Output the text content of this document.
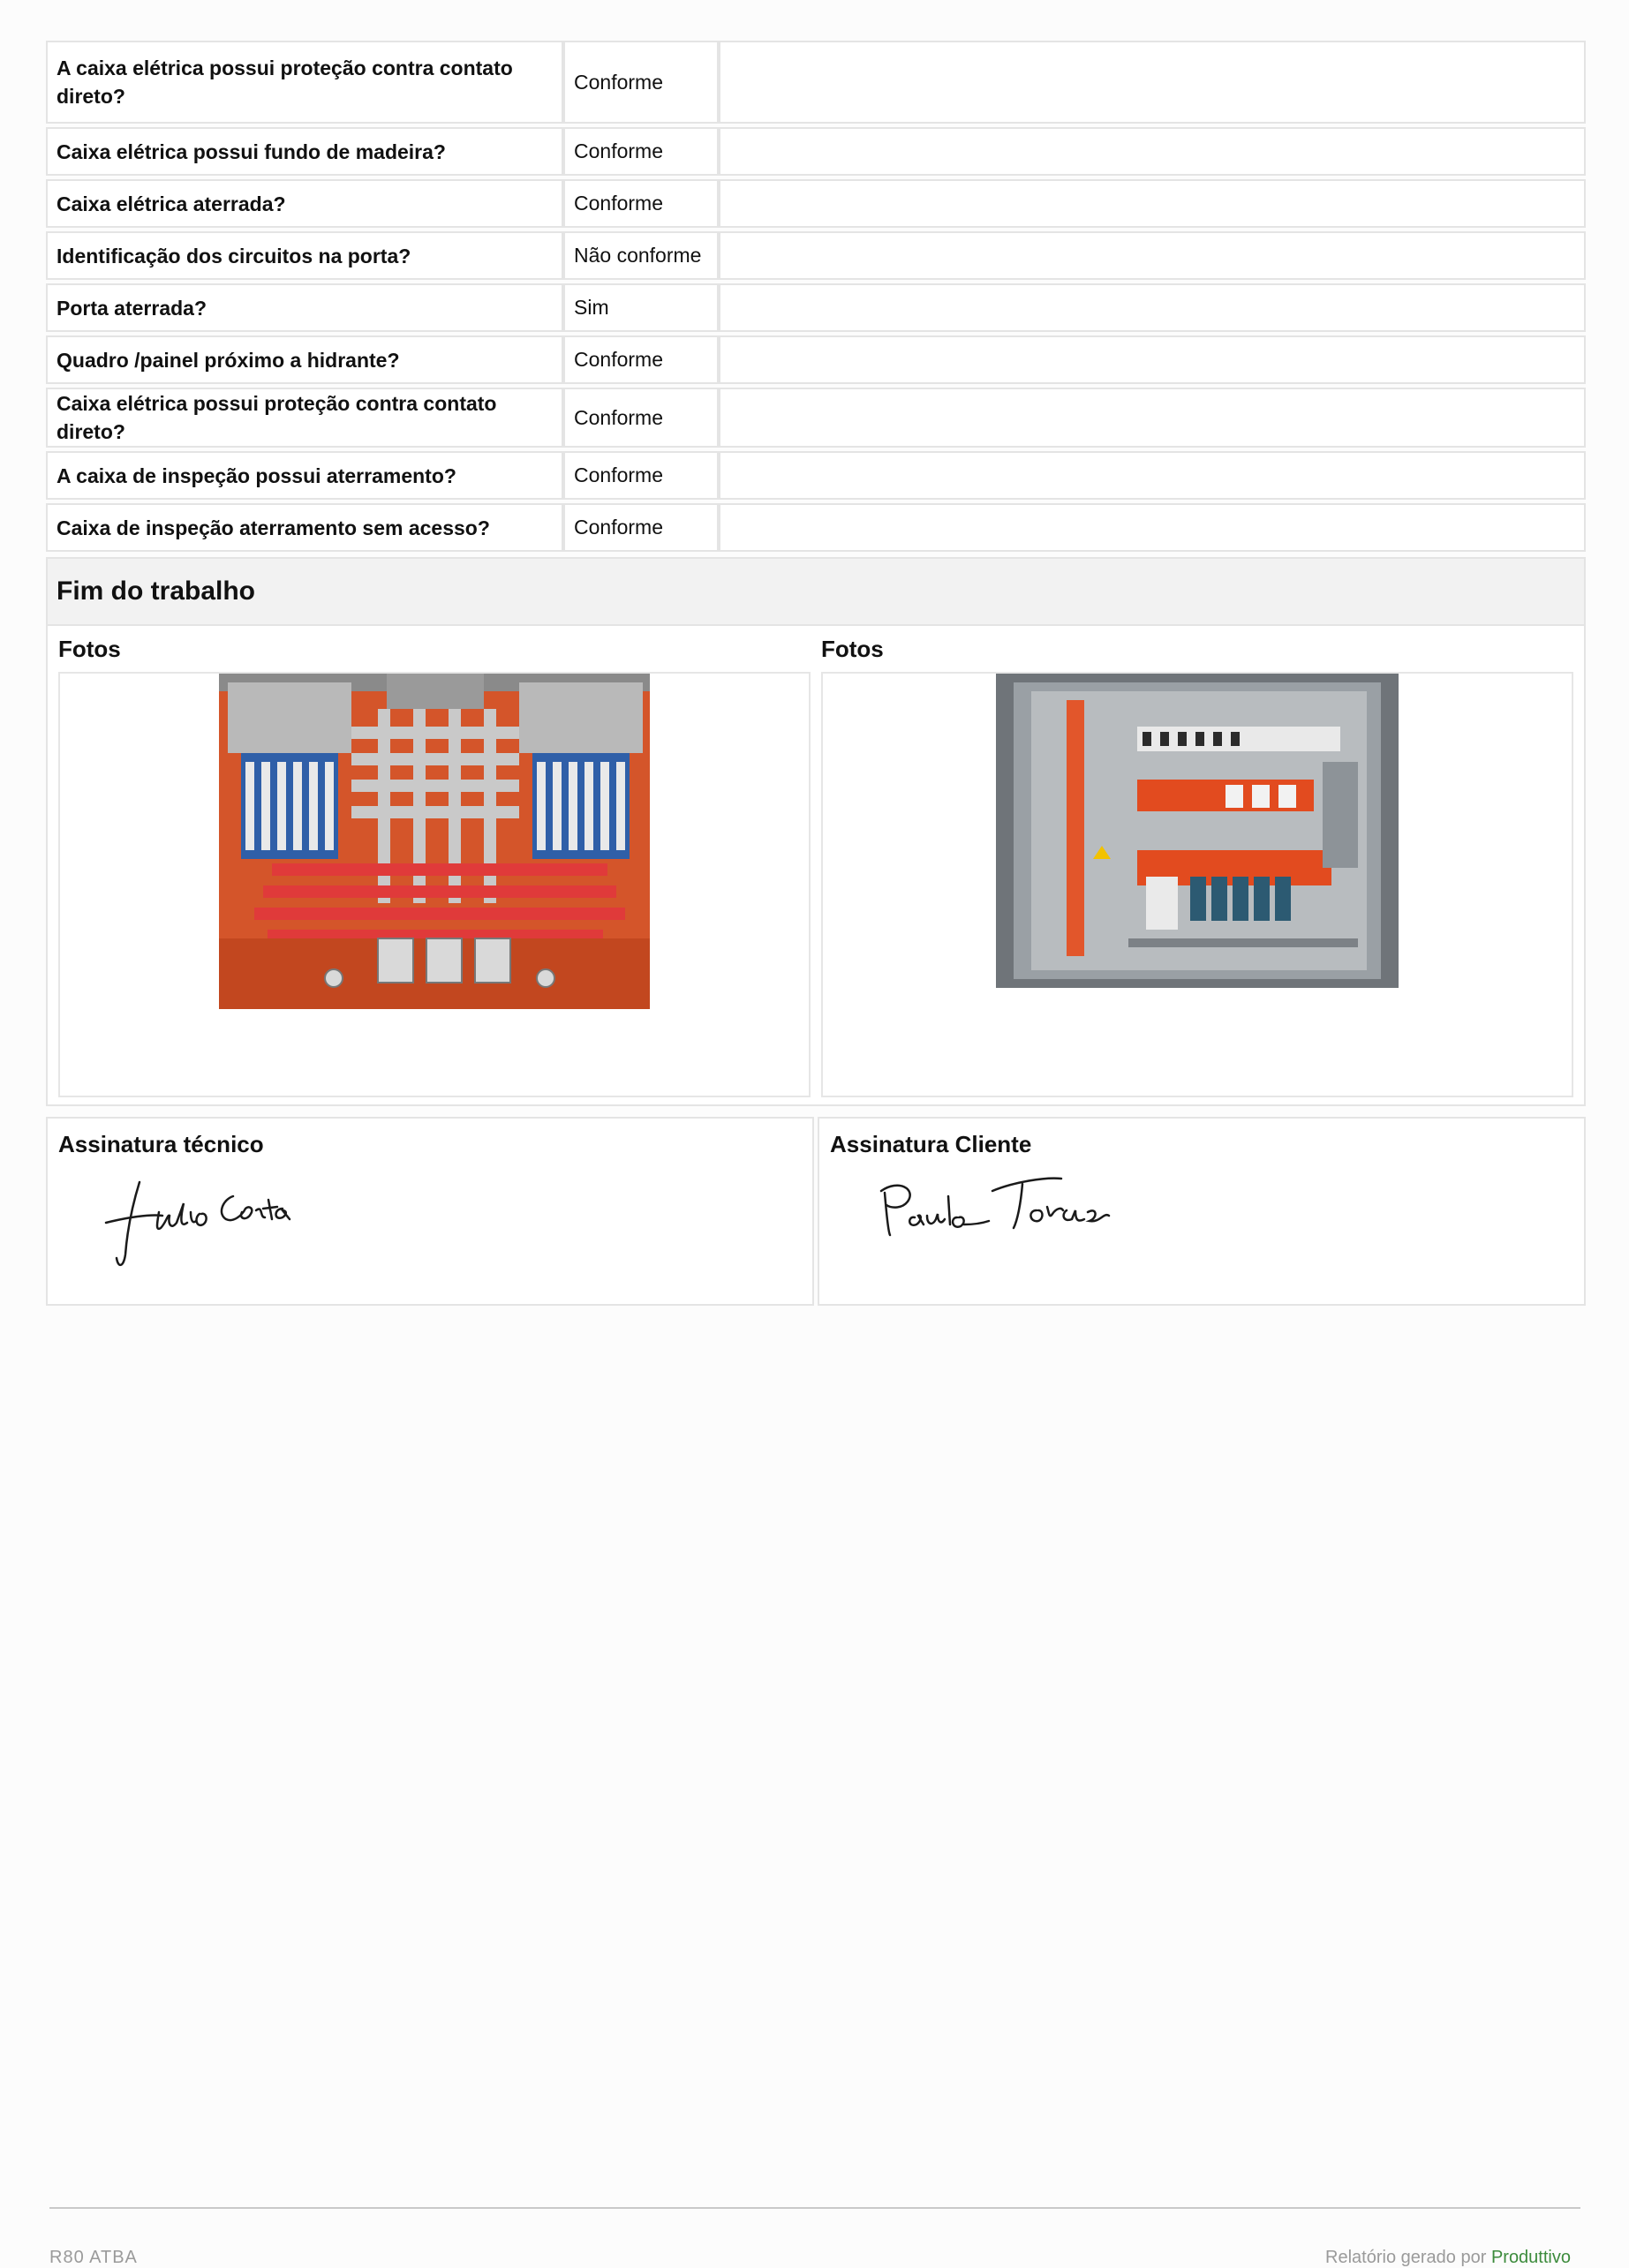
A caixa elétrica possui proteção contra contato direto?	Conforme	
Caixa elétrica possui fundo de madeira?	Conforme	
Caixa elétrica aterrada?	Conforme	
Identificação dos circuitos na porta?	Não conforme	
Porta aterrada?	Sim	
Quadro /painel próximo a hidrante?	Conforme	
Caixa elétrica possui proteção contra contato direto?	Conforme	
A caixa de inspeção possui aterramento?	Conforme	
Caixa de inspeção aterramento sem acesso?	Conforme	
Fim do trabalho
Fotos	Fotos
Assinatura técnico	Assinatura Cliente
R80 ATBA	Relatório gerado por Produttivo
